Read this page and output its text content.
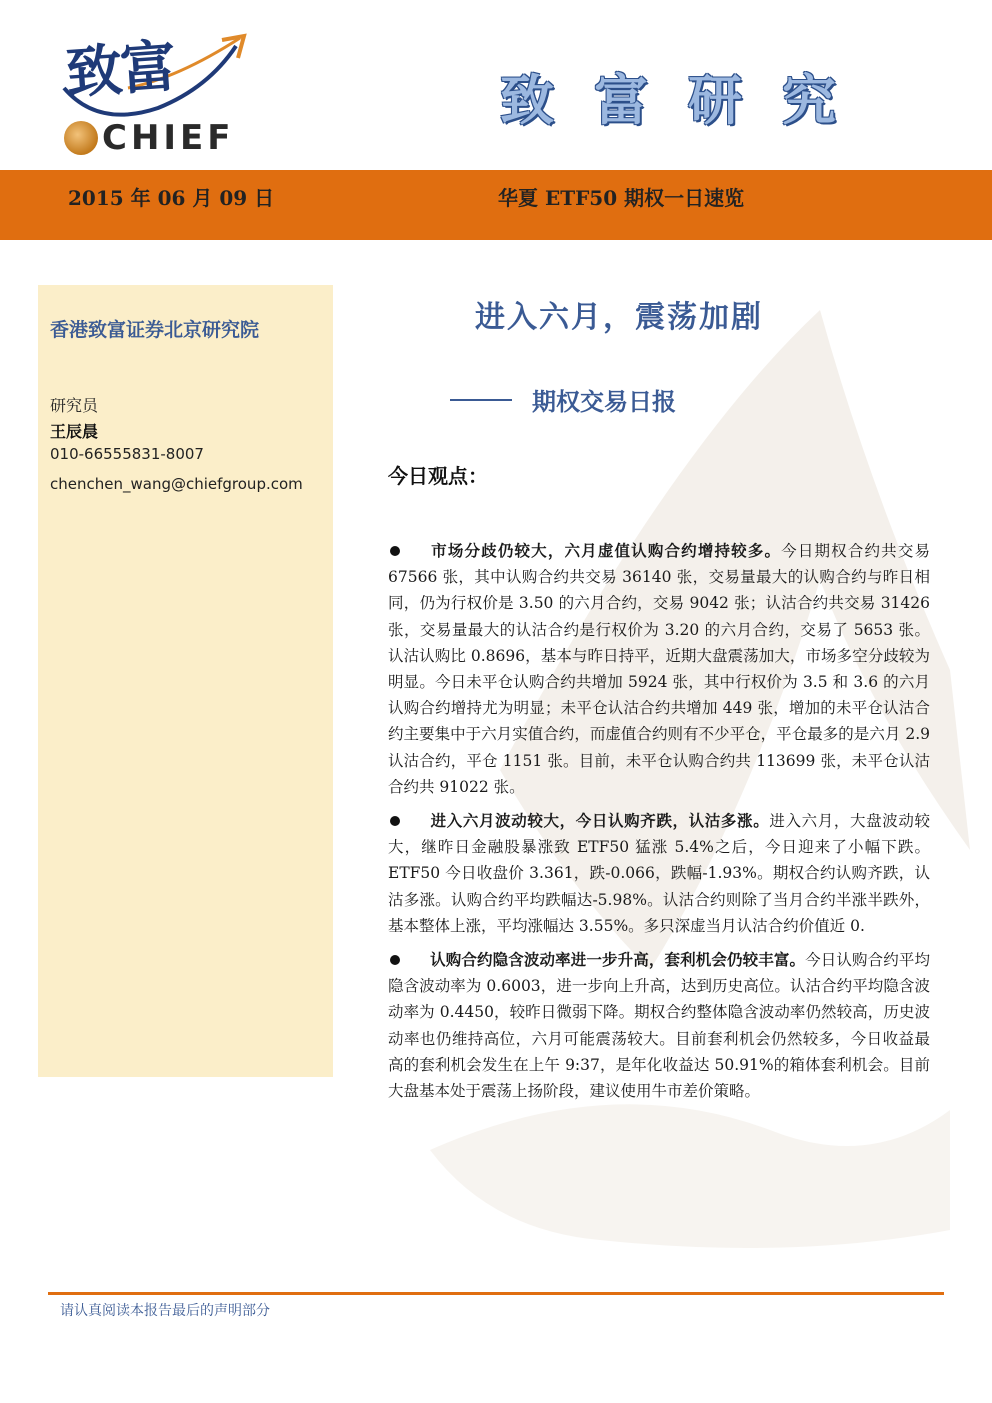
致富
CHIEF
致富研究
2015 年 06 月 09 日	华夏 ETF50 期权一日速览
香港致富证券北京研究院
研究员
王辰晨
010-66555831-8007
chenchen_wang@chiefgroup.com
进入六月，震荡加剧
期权交易日报
今日观点：

市场分歧仍较大，六月虚值认购合约增持较多。今日期权合约共交易 67566 张，其中认购合约共交易 36140 张，交易量最大的认购合约与昨日相同，仍为行权价是 3.50 的六月合约，交易 9042 张；认沽合约共交易 31426 张，交易量最大的认沽合约是行权价为 3.20 的六月合约，交易了 5653 张。认沽认购比 0.8696，基本与昨日持平，近期大盘震荡加大，市场多空分歧较为明显。今日未平仓认购合约共增加 5924 张，其中行权价为 3.5 和 3.6 的六月认购合约增持尤为明显；未平仓认沽合约共增加 449 张，增加的未平仓认沽合约主要集中于六月实值合约，而虚值合约则有不少平仓，平仓最多的是六月 2.9 认沽合约，平仓 1151 张。目前，未平仓认购合约共 113699 张，未平仓认沽合约共 91022 张。

进入六月波动较大，今日认购齐跌，认沽多涨。进入六月，大盘波动较大，继昨日金融股暴涨致 ETF50 猛涨 5.4%之后，今日迎来了小幅下跌。ETF50 今日收盘价 3.361，跌-0.066，跌幅-1.93%。期权合约认购齐跌，认沽多涨。认购合约平均跌幅达-5.98%。认沽合约则除了当月合约半涨半跌外，基本整体上涨，平均涨幅达 3.55%。多只深虚当月认沽合约价值近 0.

认购合约隐含波动率进一步升高，套利机会仍较丰富。今日认购合约平均隐含波动率为 0.6003，进一步向上升高，达到历史高位。认沽合约平均隐含波动率为 0.4450，较昨日微弱下降。期权合约整体隐含波动率仍然较高，历史波动率也仍维持高位，六月可能震荡较大。目前套利机会仍然较多，今日收益最高的套利机会发生在上午 9:37，是年化收益达 50.91%的箱体套利机会。目前大盘基本处于震荡上扬阶段，建议使用牛市差价策略。

请认真阅读本报告最后的声明部分
